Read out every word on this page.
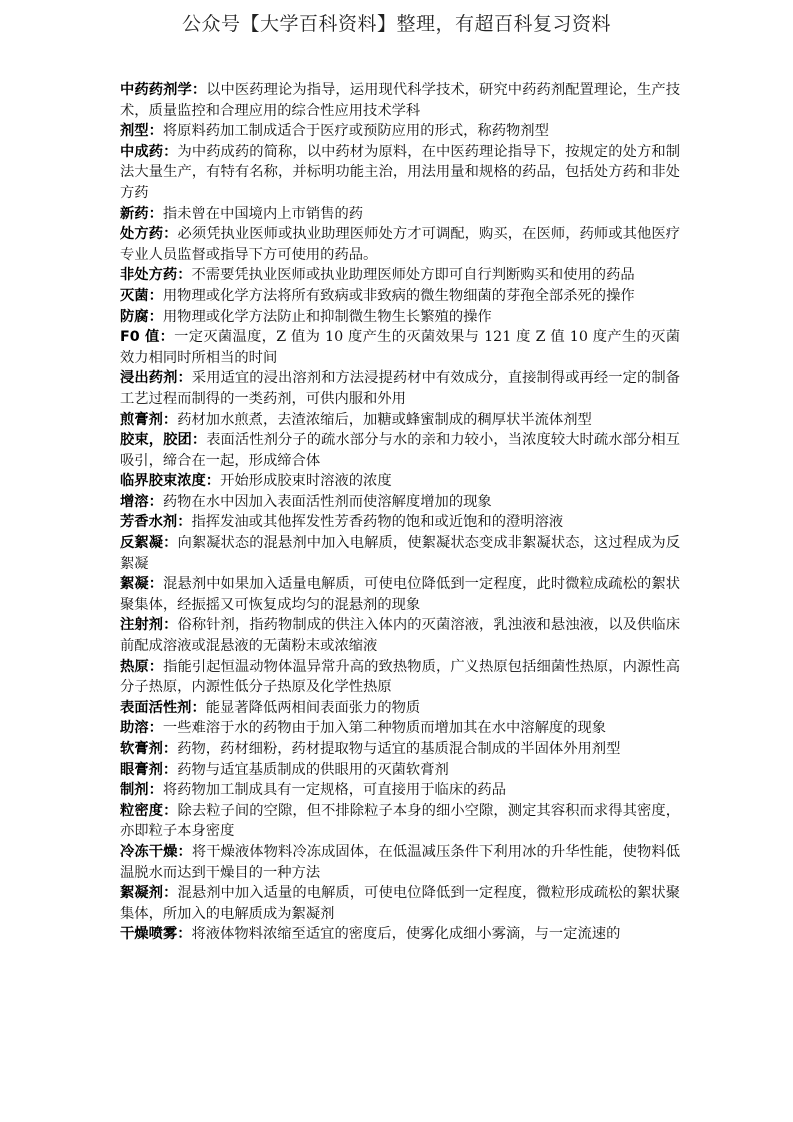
公众号【大学百科资料】整理，有超百科复习资料
中药药剂学：以中医药理论为指导，运用现代科学技术，研究中药药剂配置理论，生产技术，质量监控和合理应用的综合性应用技术学科
剂型：将原料药加工制成适合于医疗或预防应用的形式，称药物剂型
中成药：为中药成药的简称，以中药材为原料，在中医药理论指导下，按规定的处方和制法大量生产，有特有名称，并标明功能主治，用法用量和规格的药品，包括处方药和非处方药
新药：指未曾在中国境内上市销售的药
处方药：必须凭执业医师或执业助理医师处方才可调配，购买，在医师，药师或其他医疗专业人员监督或指导下方可使用的药品。
非处方药：不需要凭执业医师或执业助理医师处方即可自行判断购买和使用的药品
灭菌：用物理或化学方法将所有致病或非致病的微生物细菌的芽孢全部杀死的操作
防腐：用物理或化学方法防止和抑制微生物生长繁殖的操作
F0 值：一定灭菌温度，Z 值为 10 度产生的灭菌效果与 121 度 Z 值 10 度产生的灭菌效力相同时所相当的时间
浸出药剂：采用适宜的浸出溶剂和方法浸提药材中有效成分，直接制得或再经一定的制备工艺过程而制得的一类药剂，可供内服和外用
煎膏剂：药材加水煎煮，去渣浓缩后，加糖或蜂蜜制成的稠厚状半流体剂型
胶束，胶团：表面活性剂分子的疏水部分与水的亲和力较小，当浓度较大时疏水部分相互吸引，缔合在一起，形成缔合体
临界胶束浓度：开始形成胶束时溶液的浓度
增溶：药物在水中因加入表面活性剂而使溶解度增加的现象
芳香水剂：指挥发油或其他挥发性芳香药物的饱和或近饱和的澄明溶液
反絮凝：向絮凝状态的混悬剂中加入电解质，使絮凝状态变成非絮凝状态，这过程成为反絮凝
絮凝：混悬剂中如果加入适量电解质，可使电位降低到一定程度，此时微粒成疏松的絮状聚集体，经振摇又可恢复成均匀的混悬剂的现象
注射剂：俗称针剂，指药物制成的供注入体内的灭菌溶液，乳浊液和悬浊液，以及供临床前配成溶液或混悬液的无菌粉末或浓缩液
热原：指能引起恒温动物体温异常升高的致热物质，广义热原包括细菌性热原，内源性高分子热原，内源性低分子热原及化学性热原
表面活性剂：能显著降低两相间表面张力的物质
助溶：一些难溶于水的药物由于加入第二种物质而增加其在水中溶解度的现象
软膏剂：药物，药材细粉，药材提取物与适宜的基质混合制成的半固体外用剂型
眼膏剂：药物与适宜基质制成的供眼用的灭菌软膏剂
制剂：将药物加工制成具有一定规格，可直接用于临床的药品
粒密度：除去粒子间的空隙，但不排除粒子本身的细小空隙，测定其容积而求得其密度，亦即粒子本身密度
冷冻干燥：将干燥液体物料冷冻成固体，在低温减压条件下利用冰的升华性能，使物料低温脱水而达到干燥目的一种方法
絮凝剂：混悬剂中加入适量的电解质，可使电位降低到一定程度，微粒形成疏松的絮状聚集体，所加入的电解质成为絮凝剂
干燥喷雾：将液体物料浓缩至适宜的密度后，使雾化成细小雾滴，与一定流速的
